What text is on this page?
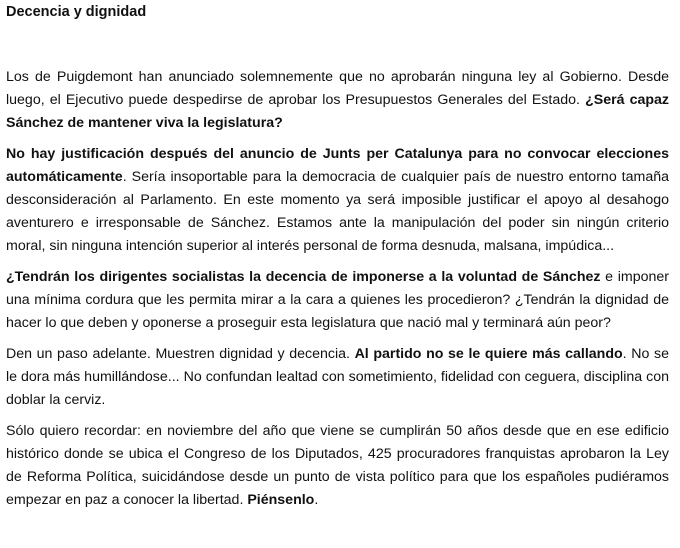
Decencia y dignidad

Los de Puigdemont han anunciado solemnemente que no aprobarán ninguna ley al Gobierno. Desde luego, el Ejecutivo puede despedirse de aprobar los Presupuestos Generales del Estado. ¿Será capaz Sánchez de mantener viva la legislatura?

No hay justificación después del anuncio de Junts per Catalunya para no convocar elecciones automáticamente. Sería insoportable para la democracia de cualquier país de nuestro entorno tamaña desconsideración al Parlamento. En este momento ya será imposible justificar el apoyo al desahogo aventurero e irresponsable de Sánchez. Estamos ante la manipulación del poder sin ningún criterio moral, sin ninguna intención superior al interés personal de forma desnuda, malsana, impúdica...

¿Tendrán los dirigentes socialistas la decencia de imponerse a la voluntad de Sánchez e imponer una mínima cordura que les permita mirar a la cara a quienes les procedieron? ¿Tendrán la dignidad de hacer lo que deben y oponerse a proseguir esta legislatura que nació mal y terminará aún peor?

Den un paso adelante. Muestren dignidad y decencia. Al partido no se le quiere más callando. No se le dora más humillándose... No confundan lealtad con sometimiento, fidelidad con ceguera, disciplina con doblar la cerviz.

Sólo quiero recordar: en noviembre del año que viene se cumplirán 50 años desde que en ese edificio histórico donde se ubica el Congreso de los Diputados, 425 procuradores franquistas aprobaron la Ley de Reforma Política, suicidándose desde un punto de vista político para que los españoles pudiéramos empezar en paz a conocer la libertad. Piénsenlo.
